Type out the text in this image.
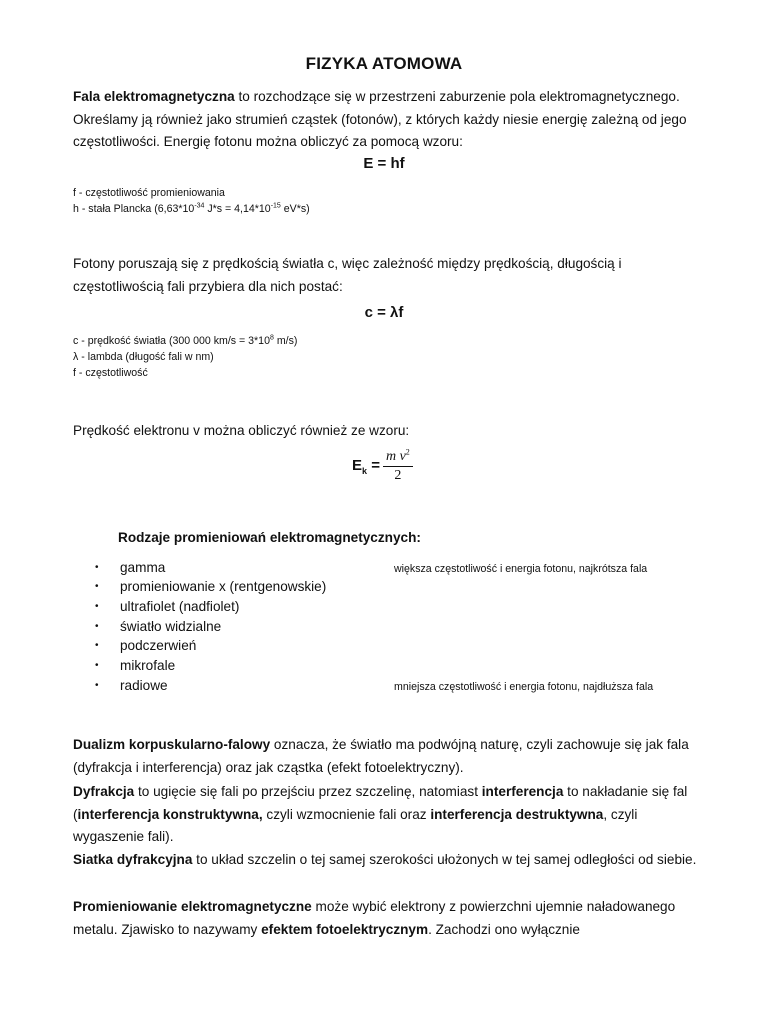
FIZYKA ATOMOWA
Fala elektromagnetyczna to rozchodzące się w przestrzeni zaburzenie pola elektromagnetycznego. Określamy ją również jako strumień cząstek (fotonów), z których każdy niesie energię zależną od jego częstotliwości. Energię fotonu można obliczyć za pomocą wzoru:
E = hf
f - częstotliwość promieniowania
h - stała Plancka ($6,63*10^{-34}$ $J*s = 4,14*10^{-15}$ eV*s)
Fotony poruszają się z prędkością światła c, więc zależność między prędkością, długością i częstotliwością fali przybiera dla nich postać:
c = λf
c - prędkość światła (300 000 $km/s = 3*10^8$ m/s)
λ - lambda (długość fali w nm)
f - częstotliwość
Prędkość elektronu v można obliczyć również ze wzoru:
$E_k = \frac{m v^2}{2}$
Rodzaje promieniowań elektromagnetycznych:
• gamma
• promieniowanie x (rentgenowskie)
• ultrafiolet (nadfiolet)
• światło widzialne
• podczerwień
• mikrofale
• radiowe
większa częstotliwość i energia fotonu, najkrótsza fala
mniejsza częstotliwość i energia fotonu, najdłuższa fala
Dualizm korpuskularno-falowy oznacza, że światło ma podwójną naturę, czyli zachowuje się jak fala (dyfrakcja i interferencja) oraz jak cząstka (efekt fotoelektryczny).
Dyfrakcja to ugięcie się fali po przejściu przez szczelinę, natomiast interferencja to nakładanie się fal (interferencja konstruktywna, czyli wzmocnienie fali oraz interferencja destruktywna, czyli wygaszenie fali).
Siatka dyfrakcyjna to układ szczelin o tej samej szerokości ułożonych w tej samej odległości od siebie.
Promieniowanie elektromagnetyczne może wybić elektrony z powierzchni ujemnie naładowanego metalu. Zjawisko to nazywamy efektem fotoelektrycznym. Zachodzi ono wyłącznie
